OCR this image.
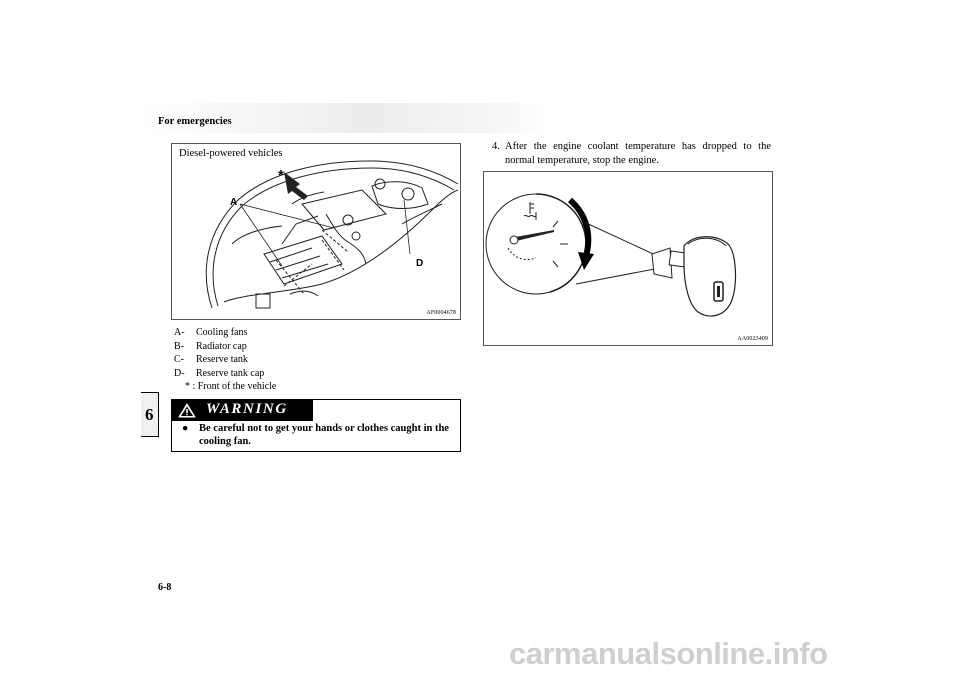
For emergencies
*
A
D
Diesel-powered vehicles
AF0004678
A- Cooling fans
B- Radiator cap
C- Reserve tank
D- Reserve tank cap
* : Front of the vehicle
WARNING
●	Be careful not to get your hands or clothes caught in the cooling fan.
6
4. After the engine coolant temperature has dropped to the normal temperature, stop the engine.
AA0023409
6-8
carmanualsonline.info
